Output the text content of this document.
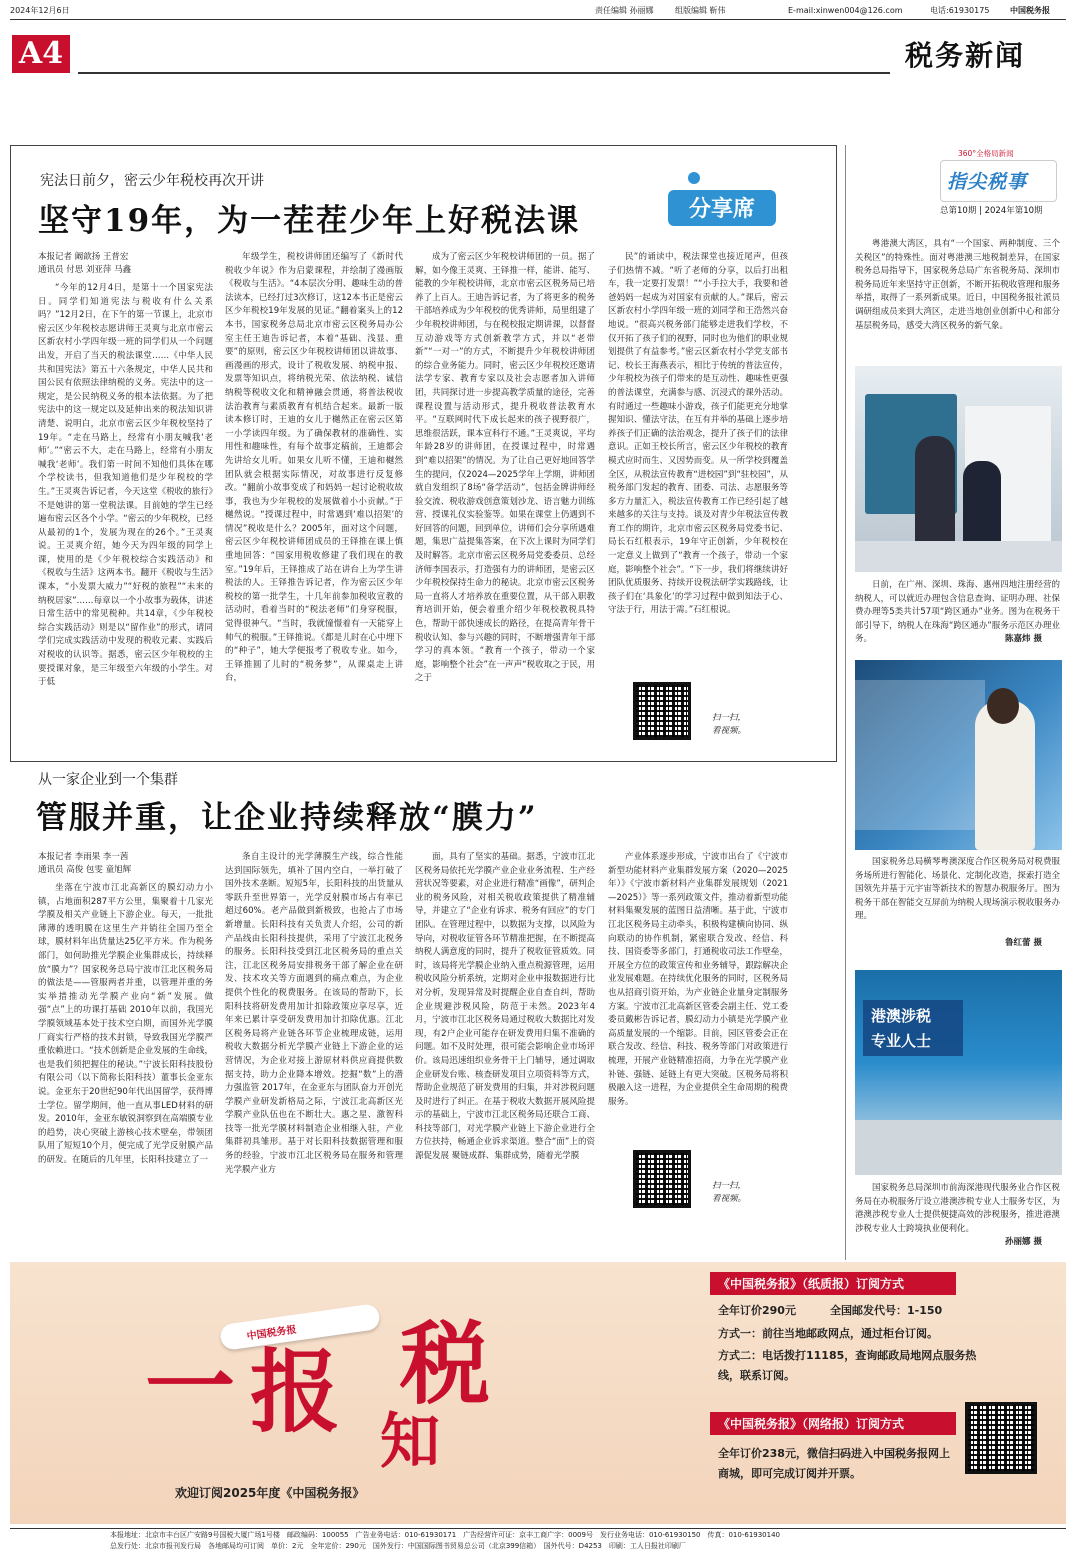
2024年12月6日	责任编辑 孙丽娜	组版编辑 靳伟	E-mail:xinwen004@126.com	电话:61930175	中国税务报
A4	税务新闻
宪法日前夕，密云少年税校再次开讲
坚守19年，为一茬茬少年上好税法课	分享席
本报记者 阚歆扬 王普宏
通讯员 付思 刘亚萍 马鑫

“今年的12月4日，是第十一个国家宪法日。同学们知道宪法与税收有什么关系吗？”12月2日，在下午的第一节课上，北京市密云区少年税校志愿讲师王灵爽与北京市密云区新农村小学四年级一班的同学们从一个问题出发，开启了当天的税法课堂……《中华人民共和国宪法》第五十六条规定，中华人民共和国公民有依照法律纳税的义务。宪法中的这一规定，是公民纳税义务的根本法依据。为了把宪法中的这一规定以及延伸出来的税法知识讲清楚、说明白，北京市密云区少年税校坚持了19年。“走在马路上，经常有小朋友喊我‘老师’。”“密云不大，走在马路上，经常有小朋友喊我‘老师’。我们第一时间不知他们具体在哪个学校读书，但我知道他们是少年税校的学生。”王灵爽告诉记者，今天这堂《税收的旅行》不是她讲的第一堂税法课。目前她的学生已经遍布密云区各个小学。“密云的少年税校，已经从最初的1个，发展为现在的26个。”王灵爽说。王灵爽介绍，她今天为四年级的同学上课，使用的是《少年税校综合实践活动》和《税收与生活》这两本书。翻开《税收与生活》课本，“小发票大威力”“好税的旅程”“未来的纳税居家”……每章以一个小故事为载体，讲述日常生活中的常见税种。共14章，《少年税校综合实践活动》则是以“留作业”的形式，请同学们完成实践活动中发现的税收元素、实践后对税收的认识等。据悉，密云区少年税校的主要授课对象，是三年级至六年级的小学生。对于低

年级学生，税校讲师团还编写了《新时代税收少年说》作为启蒙课程，并绘制了漫画版《税收与生活》。“4本层次分明、趣味生动的普法读本，已经打过3次修订，这12本书正是密云区少年税校19年发展的见证。”翻着案头上的12本书，国家税务总局北京市密云区税务局办公室主任王迪告诉记者，本着“基础、浅显、重要”的原则，密云区少年税校讲师团以讲故事、画漫画的形式，设计了税收发展、纳税申报、发票等知识点，将纳税光荣、依法纳税、诚信纳税等税收文化和精神融会贯通，将普法税收法治教育与素质教育有机结合起来。最新一版读本修订时，王迪的女儿于樾然正在密云区第一小学读四年级。为了确保教材的准确性、实用性和趣味性，有每个故事定稿前，王迪都会先讲给女儿听。如果女儿听不懂，王迪和樾然团队就会根据实际情况，对故事进行反复修改。“翻前小故事变成了和妈妈一起讨论税收故事，我也为少年税校的发展做着小小贡献。”于樾然说。“授课过程中，时常遇到‘难以招架’的情况”税收是什么？2005年，面对这个问题，密云区少年税校讲师团成员的王铎推在课上慎重地回答：“国家用税收修建了我们现在的教室。”19年后，王铎推成了站在讲台上为学生讲税法的人。王铎推告诉记者，作为密云区少年税校的第一批学生，十几年前参加税收宣教的活动时，看着当时的“税法老师”们身穿税服，觉得很神气。“当时，我就憧憬着有一天能穿上帅气的税服。”王铎推说。《都是儿时在心中埋下的“种子”，她大学便报考了税收专业。如今，王铎推圆了儿时的“税务梦”，从课桌走上讲台，

成为了密云区少年税校讲师团的一员。据了解，如今像王灵爽、王铎推一样，能讲、能写、能教的少年税校讲师，北京市密云区税务局已培养了上百人。王迪告诉记者，为了将更多的税务干部培养成为少年税校的优秀讲师，局里组建了少年税校讲师团，与在税校报定期讲课，以督督互动游戏等方式创新教学方式，并以“老带新”“一对一”的方式，不断提升少年税校讲师团的综合业务能力。同时，密云区少年税校还邀请法学专家、教育专家以及社会志愿者加入讲师团，共同探讨进一步提高教学质量的途径，完善课程设置与活动形式，提升税收普法教育水平。“互联网时代下成长起来的孩子视野很广，思维很活跃，课本宣科行不通。”王灵爽说，平均年龄28岁的讲师团，在授课过程中，时常遇到“难以招架”的情况。为了让自己更好地回答学生的提问，仅2024—2025学年上学期，讲师团就自发组织了8场“备学活动”，包括金牌讲师经验交流、税收游戏创意策划沙龙、语言魅力训练营、授课礼仪实验鉴等。如果在课堂上仍遇到不好回答的问题，回到单位，讲师们会分享所遇难题，集思广益提集答案，在下次上课时为同学们及时解答。北京市密云区税务局党委委员、总经济师李国表示，打造强有力的讲师团，是密云区少年税校保持生命力的秘诀。北京市密云区税务局一直将人才培养放在重要位置，从干部入职教育培训开始，便会着重介绍少年税校教税具特色，帮助干部快速成长的路径，在提高青年骨干税收认知、参与兴趣的同时，不断增强青年干部学习的真本领。“教育一个孩子，带动一个家庭，影响整个社会”在一声声“税收取之于民，用之于

民”的诵读中，税法课堂也接近尾声，但孩子们热情不减。“听了老师的分享，以后打出租车，我一定要打发票！”“小手拉大手，我要和爸爸妈妈一起成为对国家有贡献的人。”课后，密云区新农村小学四年级一班的刘同学和王浩然兴奋地说。“很高兴税务部门能够走进我们学校，不仅开拓了孩子们的视野，同时也为他们的职业规划提供了有益参考。”密云区新农村小学党支部书记、校长王海燕表示，相比于传统的普法宣传，少年税校为孩子们带来的是互动性、趣味性更强的普法课堂，充满参与感、沉浸式的课外活动。有时通过一些趣味小游戏，孩子们能更充分地掌握知识、懂法守法，在互有并举的基础上逐步培养孩子们正确的法治观念，提升了孩子们的法律意识。正如王校长所言，密云区少年税校的教育模式应时而生、又因势而变。从一所学校到覆盖全区，从税法宣传教育“进校园”到“驻校园”，从税务部门发起的教育、团委、司法、志愿服务等多方力量汇入，税法宣传教育工作已经引起了越来越多的关注与支持。谈及对青少年税法宣传教育工作的期许，北京市密云区税务局党委书记、局长石红根表示，19年守正创新，少年税校在一定意义上做到了“教育一个孩子，带动一个家庭，影响整个社会”。“下一步，我们将继续讲好团队优质服务、持续开设税法研学实践路线，让孩子们在‘具象化’的学习过程中做到知法于心、守法于行，用法于需。”石红根说。

扫一扫，看视频。
从一家企业到一个集群
管服并重，让企业持续释放“膜力”
本报记者 李雨果 李一茜
通讯员 高俊 包雯 童旭辉

坐落在宁波市江北高新区的膜幻动力小镇，占地面积287平方公里，集聚着十几家光学膜及相关产业链上下游企业。每天，一批批薄薄的透明膜在这里生产并销往全国乃至全球，膜材料年出货量达25亿平方米。作为税务部门，如何助推光学膜企业集群成长，持续释放“膜力”？国家税务总局宁波市江北区税务局的做法是——管服两者并重，以管理并重的务实举措推动光学膜产业向“新”发展。做强“点”上的功课打基础 2010年以前，我国光学膜领域基本处于技术空白期，而国外光学膜厂商实行严格的技术封锁，导致我国光学膜严重依赖进口。“技术创新是企业发展的生命线，也是我们须把握住的秘诀。”宁波长阳科技股份有限公司（以下简称长阳科技）董事长金亚东说。金亚东于20世纪90年代出国留学，获得博士学位。留学期间，他一直从事LED材料的研发。2010年，金亚东敏锐洞察到在高端膜专业的趋势，决心突破上游核心技术壁垒，带领团队用了短短10个月，便完成了光学反射膜产品的研发。在随后的几年里，长阳科技建立了一

条自主设计的光学薄膜生产线，综合性能达到国际领先，填补了国内空白，一举打破了国外技术垄断。短短5年，长阳科技的出货量从零跃升至世界第一，光学反射膜市场占有率已超过60%。老产品做到新极致，也抢占了市场新增量。长阳科技有关负责人介绍，公司的新产品线由长阳科技提供，采用了宁波江北税务的服务。长阳科技受到江北区税务局的重点关注，江北区税务局安排税务干部了解企业在研发、技术攻关等方面遇到的痛点难点，为企业提供个性化的税费服务。在该局的帮助下，长阳科技将研发费用加计扣除政策应享尽享，近年来已累计享受研发费用加计扣除优惠。江北区税务局将产业链各环节企业梳理成链，运用税收大数据分析光学膜产业链上下游企业的运营情况，为企业对接上游原材料供应商提供数据支持，助力企业降本增效。挖掘“数”上的潜力强监管 2017年，在金亚东与团队奋力开创光学膜产业研发新格局之际，宁波江北高新区光学膜产业队伍也在不断壮大。惠之星、激智科技等一批光学膜材料制造企业相继入驻，产业集群初具雏形。基于对长阳科技数据管理和服务的经验，宁波市江北区税务局在服务和管理光学膜产业方

面，具有了坚实的基础。据悉，宁波市江北区税务局依托光学膜产业企业业务流程、生产经营状况等要素，对企业进行精准“画像”，研判企业的税务风险，对相关税收政策提供了精准辅导，并建立了“企业有诉求、税务有回应”的专门团队。在管理过程中，以数据为支撑，以风险为导向，对税收征管各环节精准把握，在不断提高纳税人满意度的同时，提升了税收征管质效。同时，该局将光学膜企业纳入重点税源管理，运用税收风险分析系统，定期对企业申报数据进行比对分析，发现异常及时提醒企业自查自纠，帮助企业规避涉税风险，防范于未然。2023年4月，宁波市江北区税务局通过税收大数据比对发现，有2户企业可能存在研发费用归集不准确的问题。如不及时处理，很可能会影响企业市场评价。该局迅速组织业务骨干上门辅导，通过调取企业研发台账、核查研发项目立项资料等方式，帮助企业规范了研发费用的归集，并对涉税问题及时进行了纠正。在基于税收大数据开展风险提示的基础上，宁波市江北区税务局还联合工商、科技等部门，对光学膜产业链上下游企业进行全方位扶持，畅通企业诉求渠道。整合“面”上的资源促发展 聚链成群、集群成势，随着光学膜

产业体系逐步形成，宁波市出台了《宁波市新型功能材料产业集群发展方案（2020—2025年）》《宁波市新材料产业集群发展规划（2021—2025）》等一系列政策文件，推动着新型功能材料集聚发展的蓝图日益清晰。基于此，宁波市江北区税务局主动牵头，积极构建横向协同、纵向联动的协作机制，紧密联合发改、经信、科技、国资委等多部门，打通税收司法工作壁垒，开展全方位的政策宣传和业务辅导，跟踪解决企业发展难题。在持续优化服务的同时，区税务局也从招商引资开始，为产业链企业量身定制服务方案。宁波市江北高新区管委会副主任、党工委委员戴彬告诉记者，膜幻动力小镇是光学膜产业高质量发展的一个缩影。目前，园区管委会正在联合发改、经信、科技、税务等部门对政策进行梳理，开展产业链精准招商，力争在光学膜产业补链、强链、延链上有更大突破。区税务局将积极融入这一进程，为企业提供全生命周期的税费服务。

扫一扫，看视频。
360°全格局新闻
指尖税事
总第10期 | 2024年第10期
粤港澳大湾区，具有“一个国家、两种制度、三个关税区”的特殊性。面对粤港澳三地税制差异，在国家税务总局指导下，国家税务总局广东省税务局、深圳市税务局近年来坚持守正创新，不断开拓税收管理和服务举措，取得了一系列新成果。近日，中国税务报社派员调研组成员来到大湾区，走进当地创业创新中心和部分基层税务局，感受大湾区税务的新气象。
日前，在广州、深圳、珠海、惠州四地注册经营的纳税人，可以就近办理包含信息查询、证明办理、社保费办理等5类共计57项“跨区通办”业务。图为在税务干部引导下，纳税人在珠海“跨区通办”服务示范区办理业务。	陈嘉炜 摄
国家税务总局横琴粤澳深度合作区税务局对税费服务场所进行智能化、场景化、定制化改造，探索打造全国领先并基于元宇宙等新技术的智慧办税服务厅。图为税务干部在智能交互屏前为纳税人现场演示税收服务办理。
鲁红蕾 摄
港澳涉税
专业人士
国家税务总局深圳市前海深港现代服务业合作区税务局在办税服务厅设立港澳涉税专业人士服务专区，为港澳涉税专业人士提供便捷高效的涉税服务，推进港澳涉税专业人士跨境执业便利化。
孙丽娜 摄
中国税务报
一 报 税
知
欢迎订阅2025年度《中国税务报》
《中国税务报》（纸质报）订阅方式
全年订价290元	全国邮发代号：1-150
方式一：前往当地邮政网点，通过柜台订阅。
方式二：电话拨打11185，查询邮政局地网点服务热线，联系订阅。
《中国税务报》（网络报）订阅方式
全年订价238元，微信扫码进入中国税务报网上商城，即可完成订阅并开票。
本报地址：北京市丰台区广安路9号国税大厦广场1号楼　邮政编码：100055　广告业务电话：010-61930171　广告经营许可证：京丰工商广字：0009号　发行业务电话：010-61930150　传真：010-61930140
总发行处：北京市报刊发行局　各地邮局均可订阅　单价：2元　全年定价：290元　国外发行：中国国际图书贸易总公司（北京399信箱）　国外代号：D4253　印刷：工人日报社印刷厂
